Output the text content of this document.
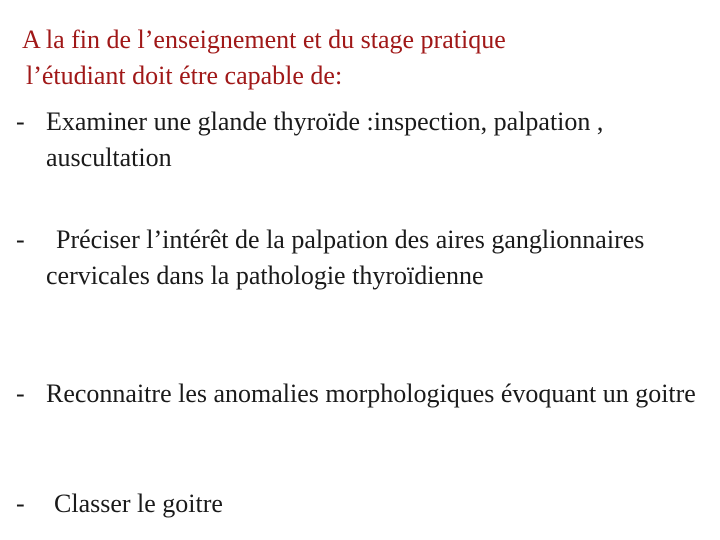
A la fin de l’enseignement et du stage pratique
l’étudiant doit étre capable de:
- Examiner une glande thyroïde :inspection, palpation , auscultation
-	Préciser l’intérêt de la palpation des aires ganglionnaires cervicales dans la pathologie thyroïdienne
- Reconnaitre les anomalies morphologiques évoquant un goitre
-	Classer le goitre
